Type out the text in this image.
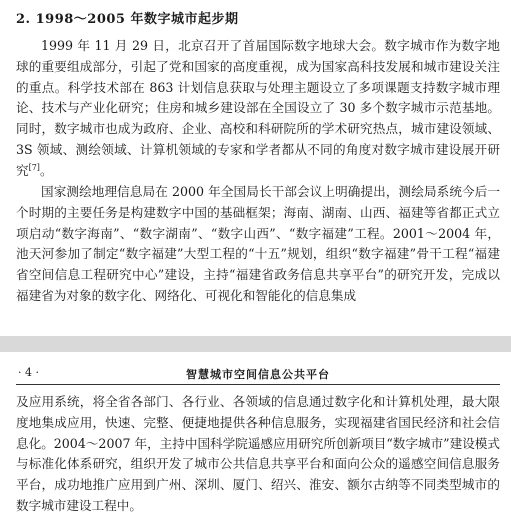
2. 1998～2005 年数字城市起步期

1999 年 11 月 29 日，北京召开了首届国际数字地球大会。数字城市作为数字地球的重要组成部分，引起了党和国家的高度重视，成为国家高科技发展和城市建设关注的重点。科学技术部在 863 计划信息获取与处理主题设立了多项课题支持数字城市理论、技术与产业化研究；住房和城乡建设部在全国设立了 30 多个数字城市示范基地。同时，数字城市也成为政府、企业、高校和科研院所的学术研究热点，城市建设领域、3S 领域、测绘领域、计算机领域的专家和学者都从不同的角度对数字城市建设展开研究[7]。

国家测绘地理信息局在 2000 年全国局长干部会议上明确提出，测绘局系统今后一个时期的主要任务是构建数字中国的基础框架；海南、湖南、山西、福建等省都正式立项启动“数字海南”、“数字湖南”、“数字山西”、“数字福建”工程。2001～2004 年，池天河参加了制定“数字福建”大型工程的“十五”规划，组织“数字福建”骨干工程“福建省空间信息工程研究中心”建设，主持“福建省政务信息共享平台”的研究开发，完成以福建省为对象的数字化、网络化、可视化和智能化的信息集成

· 4 ·	智慧城市空间信息公共平台

及应用系统，将全省各部门、各行业、各领域的信息通过数字化和计算机处理，最大限度地集成应用，快速、完整、便捷地提供各种信息服务，实现福建省国民经济和社会信息化。2004～2007 年，主持中国科学院遥感应用研究所创新项目“数字城市”建设模式与标准化体系研究，组织开发了城市公共信息共享平台和面向公众的遥感空间信息服务平台，成功地推广应用到广州、深圳、厦门、绍兴、淮安、额尔古纳等不同类型城市的数字城市建设工程中。
